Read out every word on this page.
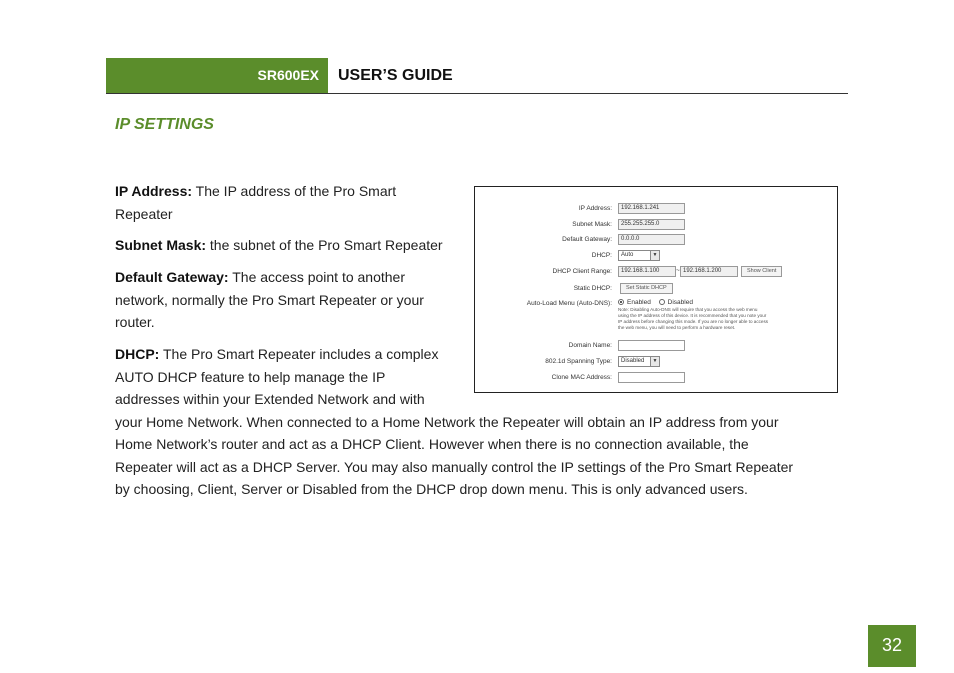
SR600EX	USER’S GUIDE
IP SETTINGS
IP Address: The IP address of the Pro Smart
Repeater
Subnet Mask: the subnet of the Pro Smart Repeater
Default Gateway: The access point to another
network, normally the Pro Smart Repeater or your
router.
DHCP: The Pro Smart Repeater includes a complex
AUTO DHCP feature to help manage the IP
addresses within your Extended Network and with
your Home Network. When connected to a Home Network the Repeater will obtain an IP address from your
Home Network’s router and act as a DHCP Client. However when there is no connection available, the
Repeater will act as a DHCP Server. You may also manually control the IP settings of the Pro Smart Repeater
by choosing, Client, Server or Disabled from the DHCP drop down menu. This is only advanced users.
IP Address:	192.168.1.241
Subnet Mask:	255.255.255.0
Default Gateway:	0.0.0.0
DHCP:	Auto	▼
DHCP Client Range:	192.168.1.100	~ 192.168.1.200	Show Client
Static DHCP:	Set Static DHCP
Auto-Load Menu (Auto-DNS):	Enabled	Disabled
Note: Disabling Auto-DNS will require that you access the web menu
using the IP address of this device. It is recommended that you note your
IP address before changing this mode. If you are no longer able to access
the web menu, you will need to perform a hardware reset.
Domain Name:
802.1d Spanning Type:	Disabled	▼
Clone MAC Address:
32
